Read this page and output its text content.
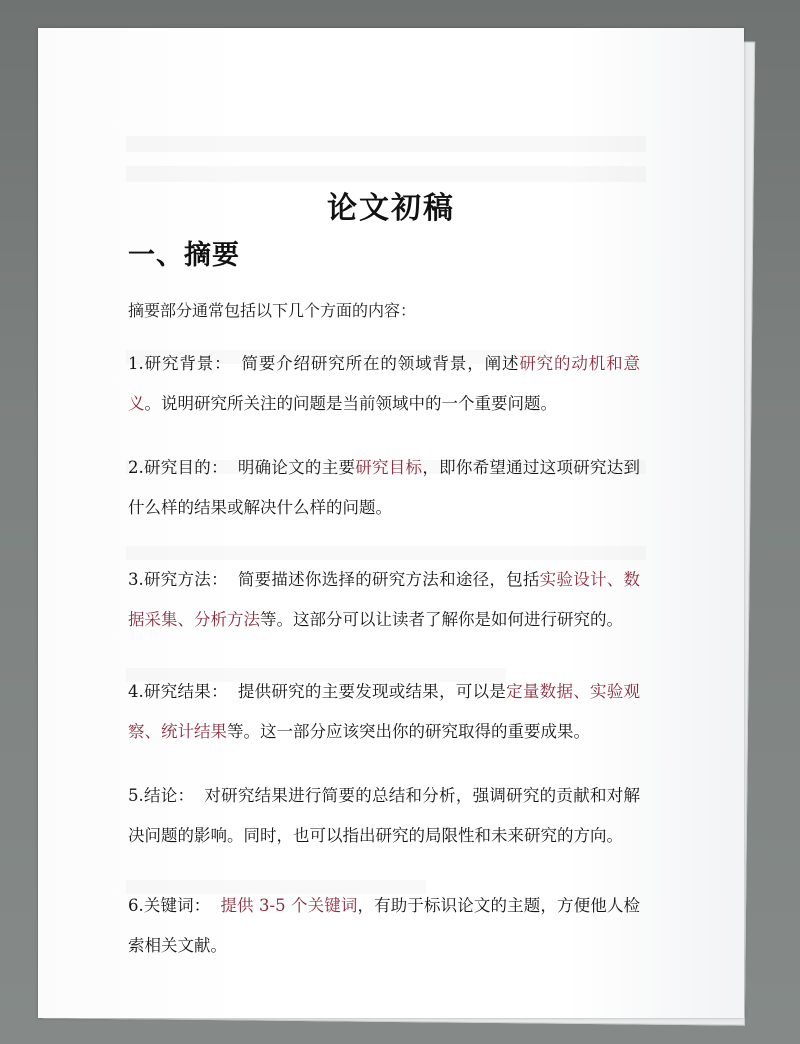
论文初稿
一、摘要
摘要部分通常包括以下几个方面的内容：
1.研究背景： 简要介绍研究所在的领域背景，阐述研究的动机和意义。说明研究所关注的问题是当前领域中的一个重要问题。
2.研究目的： 明确论文的主要研究目标，即你希望通过这项研究达到什么样的结果或解决什么样的问题。
3.研究方法： 简要描述你选择的研究方法和途径，包括实验设计、数据采集、分析方法等。这部分可以让读者了解你是如何进行研究的。
4.研究结果： 提供研究的主要发现或结果，可以是定量数据、实验观察、统计结果等。这一部分应该突出你的研究取得的重要成果。
5.结论： 对研究结果进行简要的总结和分析，强调研究的贡献和对解决问题的影响。同时，也可以指出研究的局限性和未来研究的方向。
6.关键词： 提供 3-5 个关键词，有助于标识论文的主题，方便他人检索相关文献。
